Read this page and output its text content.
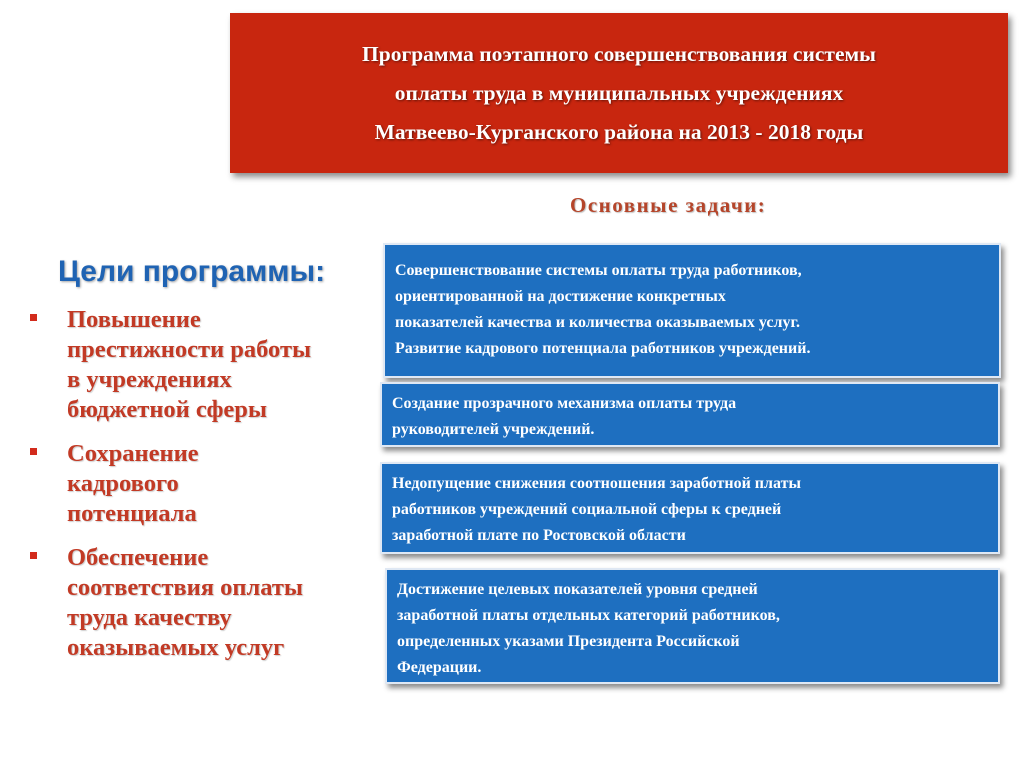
Программа поэтапного совершенствования системы
оплаты труда в муниципальных учреждениях
Матвеево-Курганского района на 2013 - 2018 годы
Основные задачи:
Цели программы:
Повышение
престижности работы
в учреждениях
бюджетной сферы
Сохранение
кадрового
потенциала
Обеспечение
соответствия оплаты
труда качеству
оказываемых услуг
Совершенствование системы оплаты труда работников,
ориентированной на достижение конкретных
показателей качества и количества оказываемых услуг.
Развитие кадрового потенциала работников учреждений.
Создание прозрачного механизма оплаты труда
руководителей учреждений.
Недопущение снижения соотношения заработной платы
работников учреждений социальной сферы к средней
заработной плате по Ростовской области
Достижение целевых показателей уровня средней
заработной платы отдельных категорий работников,
определенных указами Президента Российской
Федерации.
